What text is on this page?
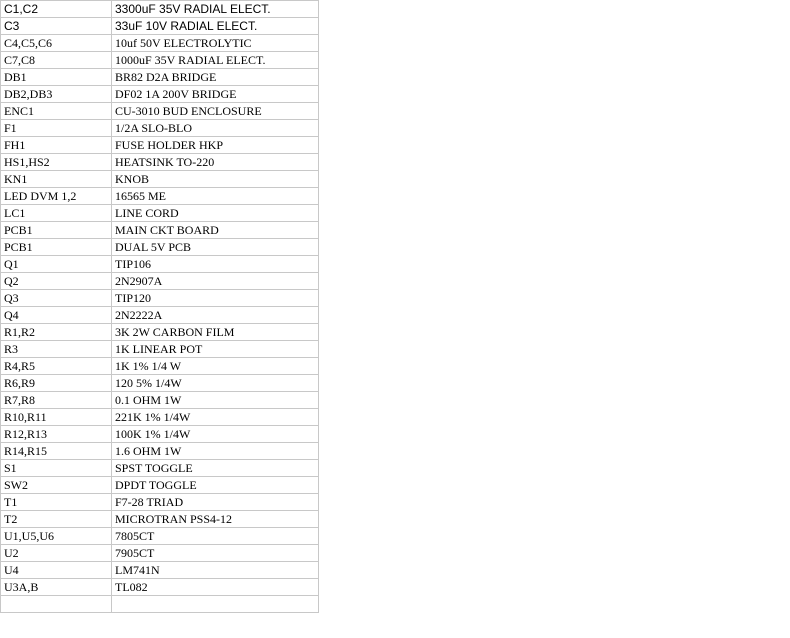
C1,C2	3300uF 35V RADIAL ELECT.
C3	33uF 10V RADIAL ELECT.
C4,C5,C6	10uf 50V ELECTROLYTIC
C7,C8	1000uF 35V RADIAL ELECT.
DB1	BR82 D2A BRIDGE
DB2,DB3	DF02 1A 200V BRIDGE
ENC1	CU-3010 BUD ENCLOSURE
F1	1/2A SLO-BLO
FH1	FUSE HOLDER HKP
HS1,HS2	HEATSINK TO-220
KN1	KNOB
LED DVM 1,2	16565 ME
LC1	LINE CORD
PCB1	MAIN CKT BOARD
PCB1	DUAL 5V PCB
Q1	TIP106
Q2	2N2907A
Q3	TIP120
Q4	2N2222A
R1,R2	3K 2W CARBON FILM
R3	1K LINEAR POT
R4,R5	1K 1% 1/4 W
R6,R9	120 5% 1/4W
R7,R8	0.1 OHM 1W
R10,R11	221K 1% 1/4W
R12,R13	100K 1% 1/4W
R14,R15	1.6 OHM 1W
S1	SPST TOGGLE
SW2	DPDT TOGGLE
T1	F7-28 TRIAD
T2	MICROTRAN PSS4-12
U1,U5,U6	7805CT
U2	7905CT
U4	LM741N
U3A,B	TL082
